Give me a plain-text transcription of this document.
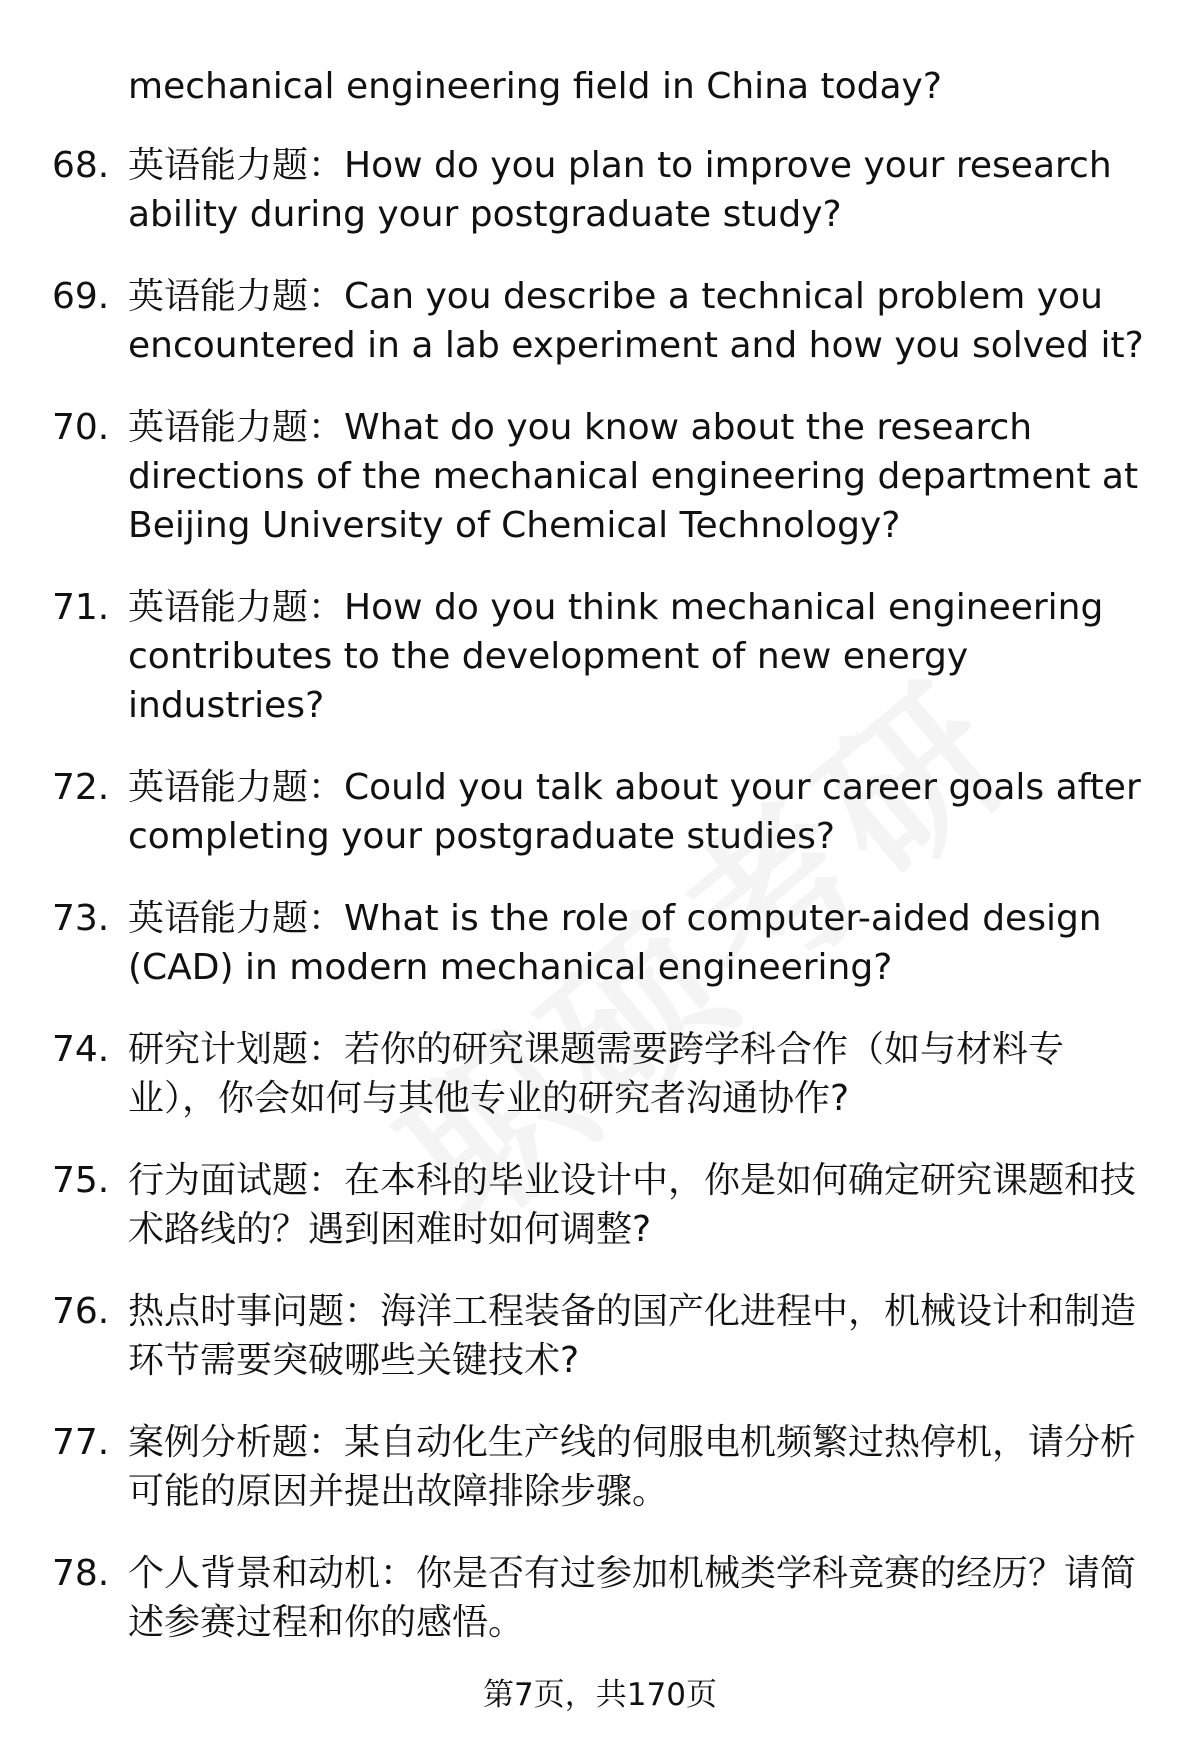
mechanical engineering field in China today?
68. 英语能力题：How do you plan to improve your research ability during your postgraduate study?
69. 英语能力题：Can you describe a technical problem you encountered in a lab experiment and how you solved it?
70. 英语能力题：What do you know about the research directions of the mechanical engineering department at Beijing University of Chemical Technology?
71. 英语能力题：How do you think mechanical engineering contributes to the development of new energy industries?
72. 英语能力题：Could you talk about your career goals after completing your postgraduate studies?
73. 英语能力题：What is the role of computer-aided design (CAD) in modern mechanical engineering?
74. 研究计划题：若你的研究课题需要跨学科合作（如与材料专业），你会如何与其他专业的研究者沟通协作?
75. 行为面试题：在本科的毕业设计中，你是如何确定研究课题和技术路线的？遇到困难时如何调整?
76. 热点时事问题：海洋工程装备的国产化进程中，机械设计和制造环节需要突破哪些关键技术?
77. 案例分析题：某自动化生产线的伺服电机频繁过热停机，请分析可能的原因并提出故障排除步骤。
78. 个人背景和动机：你是否有过参加机械类学科竞赛的经历？请简述参赛过程和你的感悟。
第7页，共170页
